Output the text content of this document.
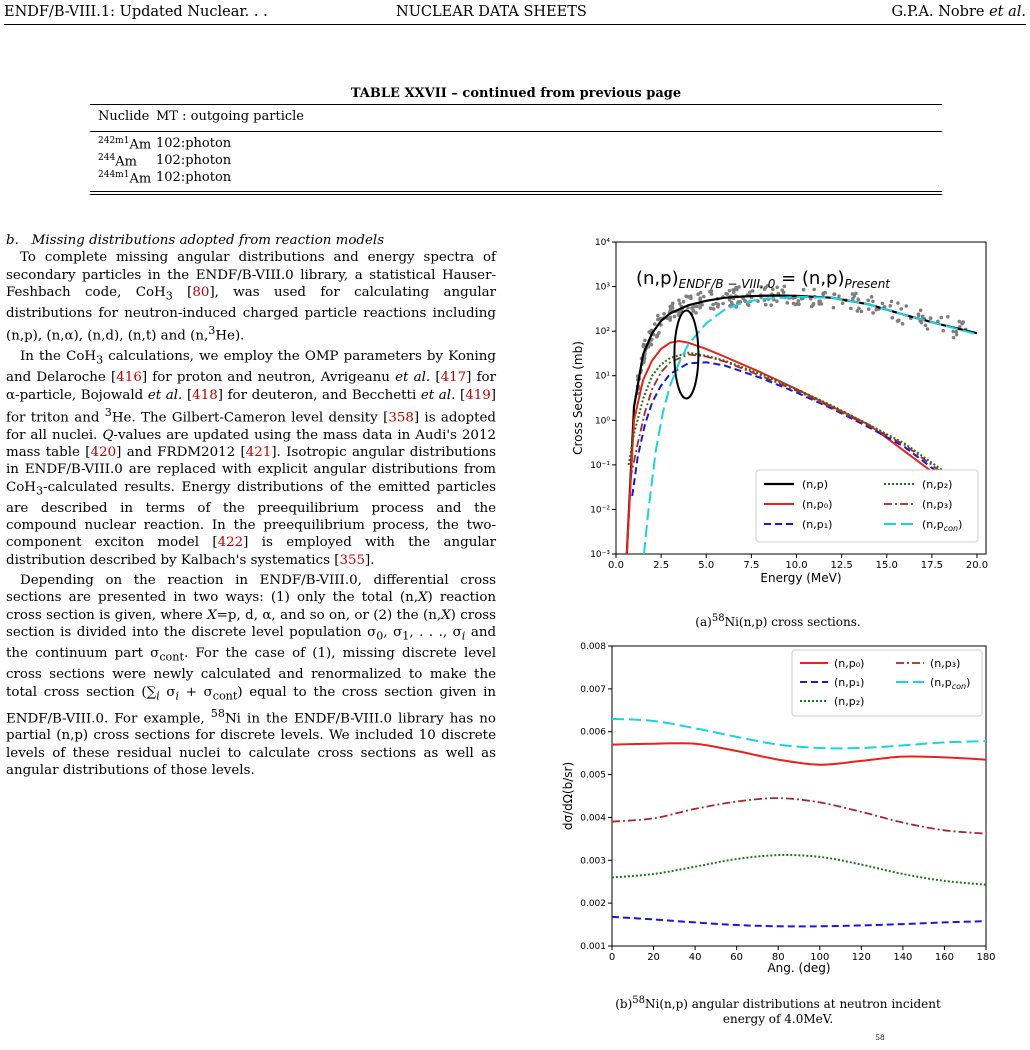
ENDF/B-VIII.1: Updated Nuclear. . .	NUCLEAR DATA SHEETS	G.P.A. Nobre et al.
TABLE XXVII – continued from previous page
Nuclide MT : outgoing particle
$^{242m1}$Am 102:photon
$^{244}$Am 102:photon
$^{244m1}$Am 102:photon

b. Missing distributions adopted from reaction models

To complete missing angular distributions and energy spectra of secondary particles in the ENDF/B-VIII.0 library, a statistical Hauser-Feshbach code, CoH$_3$ [80], was used for calculating angular distributions for neutron-induced charged particle reactions including (n,p), (n,α), (n,d), (n,t) and (n,$^3$He).

In the CoH$_3$ calculations, we employ the OMP parameters by Koning and Delaroche [416] for proton and neutron, Avrigeanu et al. [417] for α-particle, Bojowald et al. [418] for deuteron, and Becchetti et al. [419] for triton and $^3$He. The Gilbert-Cameron level density [358] is adopted for all nuclei. Q-values are updated using the mass data in Audi's 2012 mass table [420] and FRDM2012 [421]. Isotropic angular distributions in ENDF/B-VIII.0 are replaced with explicit angular distributions from CoH$_3$-calculated results. Energy distributions of the emitted particles are described in terms of the preequilibrium process and the compound nuclear reaction. In the preequilibrium process, the two-component exciton model [422] is employed with the angular distribution described by Kalbach's systematics [355].

Depending on the reaction in ENDF/B-VIII.0, differential cross sections are presented in two ways: (1) only the total (n,X) reaction cross section is given, where X=p, d, α, and so on, or (2) the (n,X) cross section is divided into the discrete level population $\sigma_0$, $\sigma_1$, . . ., $\sigma_i$ and the continuum part $\sigma_{cont}$. For the case of (1), missing discrete level cross sections were newly calculated and renormalized to make the total cross section ($\sum_i$ $\sigma_i + \sigma_{cont}$) equal to the cross section given in ENDF/B-VIII.0. For example, $^{58}$Ni in the ENDF/B-VIII.0 library has no partial (n,p) cross sections for discrete levels. We included 10 discrete levels of these residual nuclei to calculate cross sections as well as angular distributions of those levels.

0.0	2.5	5.0	7.5	10.0 12.5 15.0 17.5 20.0
10⁻³
10⁻²
10⁻¹
10⁰
10¹
10²
10³
10⁴
Energy (MeV)
Cross Section (mb)
$(n,p)_{ENDF/B - VIII. 0} = (n,p)_{Present}$
(n,p)
(n,p₀)
(n,p₁)
(n,p₂)
(n,p₃)
$(n,p_{con})$
$(a)^{58}Ni(n,p)$ cross sections.
0	20	40	60	80	100 120 140 160 180
0.001
0.002
0.003
0.004
0.005
0.006
0.007
0.008
Ang. (deg)
dσ/dΩ(b/sr)
(n,p₀)
(n,p₁)
(n,p₂)
(n,p₃)
$(n,p_{con})$
$(b)^{58}Ni(n,p)$ angular distributions at neutron incident
energy of 4.0MeV.
$^{58}$
